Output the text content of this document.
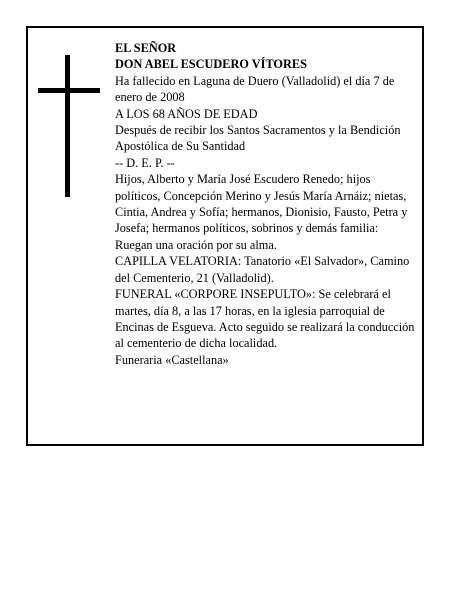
EL SEÑOR
DON ABEL ESCUDERO VÍTORES
Ha fallecido en Laguna de Duero (Valladolid) el día 7 de enero de 2008
A LOS 68 AÑOS DE EDAD
Después de recibir los Santos Sacramentos y la Bendición Apostólica de Su Santidad
-- D. E. P. --
Hijos, Alberto y María José Escudero Renedo; hijos políticos, Concepción Merino y Jesús María Arnáiz; nietas, Cintia, Andrea y Sofía; hermanos, Dionisio, Fausto, Petra y Josefa; hermanos políticos, sobrinos y demás familia:
Ruegan una oración por su alma.
CAPILLA VELATORIA: Tanatorio «El Salvador», Camino del Cementerio, 21 (Valladolid).
FUNERAL «CORPORE INSEPULTO»: Se celebrará el martes, día 8, a las 17 horas, en la iglesia parroquial de Encinas de Esgueva. Acto seguido se realizará la conducción al cementerio de dicha localidad.
Funeraria «Castellana»
